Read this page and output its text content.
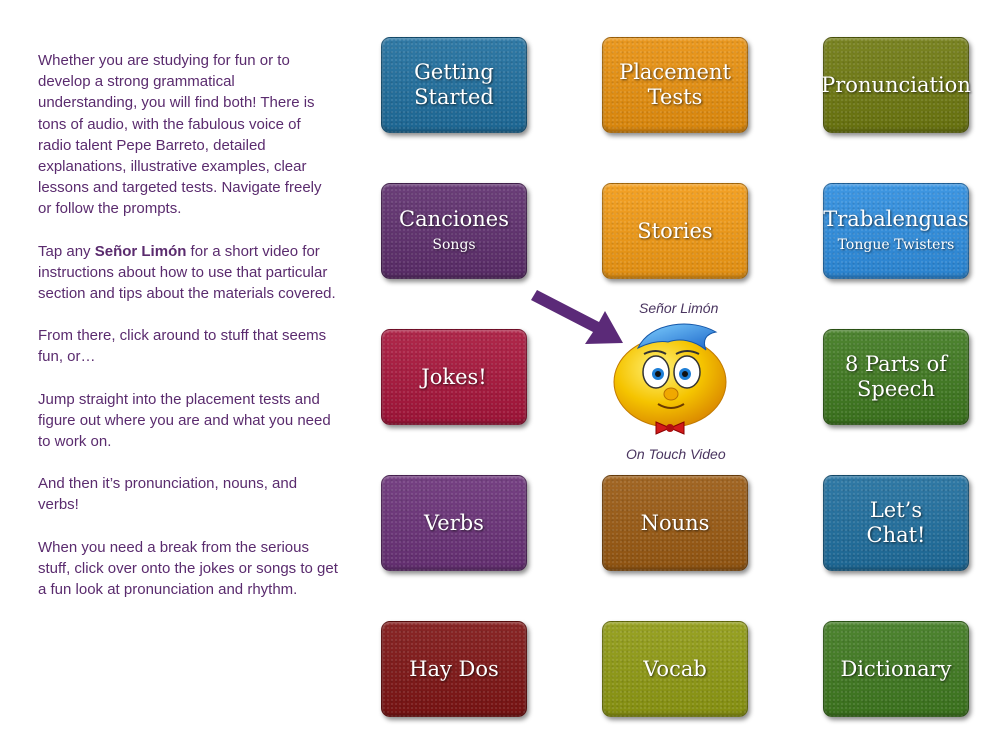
Whether you are studying for fun or to develop a strong grammatical understanding, you will find both! There is tons of audio, with the fabulous voice of radio talent Pepe Barreto, detailed explanations, illustrative examples, clear lessons and targeted tests. Navigate freely or follow the prompts.

Tap any Señor Limón for a short video for instructions about how to use that particular section and tips about the materials covered.

From there, click around to stuff that seems fun, or…

Jump straight into the placement tests and figure out where you are and what you need to work on.

And then it’s pronunciation, nouns, and verbs!

When you need a break from the serious stuff, click over onto the jokes or songs to get a fun look at pronunciation and rhythm.

Getting
Started
Placement
Tests
Pronunciation
Canciones
Songs
Stories	Trabalenguas
Tongue Twisters
Jokes!
8 Parts of
Speech
Verbs	Nouns
Let’s
Chat!
Hay Dos	Vocab	Dictionary
Señor Limón
On Touch Video
